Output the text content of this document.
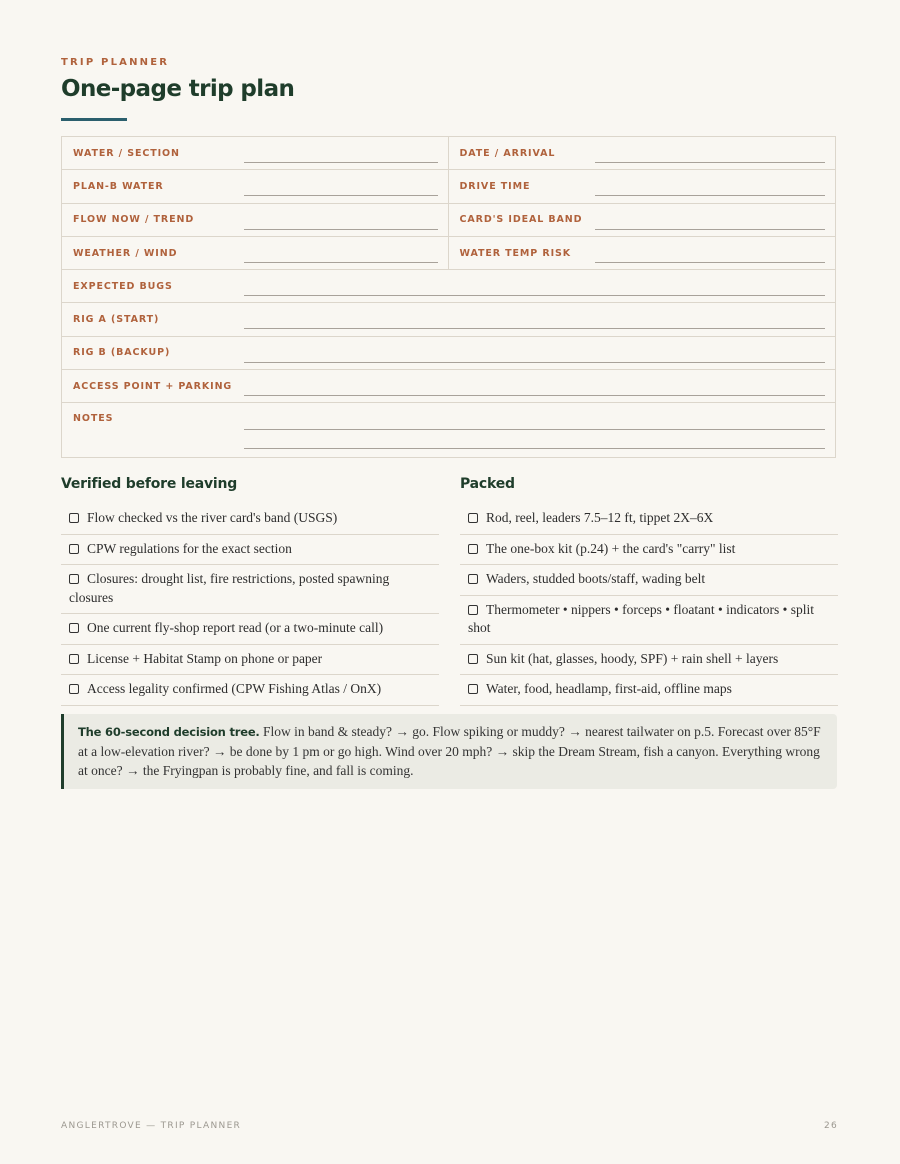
TRIP PLANNER
One-page trip plan
WATER / SECTION	DATE / ARRIVAL
PLAN-B WATER	DRIVE TIME
FLOW NOW / TREND	CARD'S IDEAL BAND
WEATHER / WIND	WATER TEMP RISK
EXPECTED BUGS
RIG A (START)
RIG B (BACKUP)
ACCESS POINT + PARKING
NOTES
Verified before leaving
Flow checked vs the river card's band (USGS)
CPW regulations for the exact section
Closures: drought list, fire restrictions, posted spawning closures
One current fly-shop report read (or a two-minute call)
License + Habitat Stamp on phone or paper
Access legality confirmed (CPW Fishing Atlas / OnX)
Packed
Rod, reel, leaders 7.5–12 ft, tippet 2X–6X
The one-box kit (p.24) + the card's "carry" list
Waders, studded boots/staff, wading belt
Thermometer • nippers • forceps • floatant • indicators • split shot
Sun kit (hat, glasses, hoody, SPF) + rain shell + layers
Water, food, headlamp, first-aid, offline maps
The 60-second decision tree. Flow in band & steady? → go. Flow spiking or muddy? → nearest tailwater on p.5. Forecast over 85°F at a low-elevation river? → be done by 1 pm or go high. Wind over 20 mph? → skip the Dream Stream, fish a canyon. Everything wrong at once? → the Fryingpan is probably fine, and fall is coming.
ANGLERTROVE — TRIP PLANNER	26
